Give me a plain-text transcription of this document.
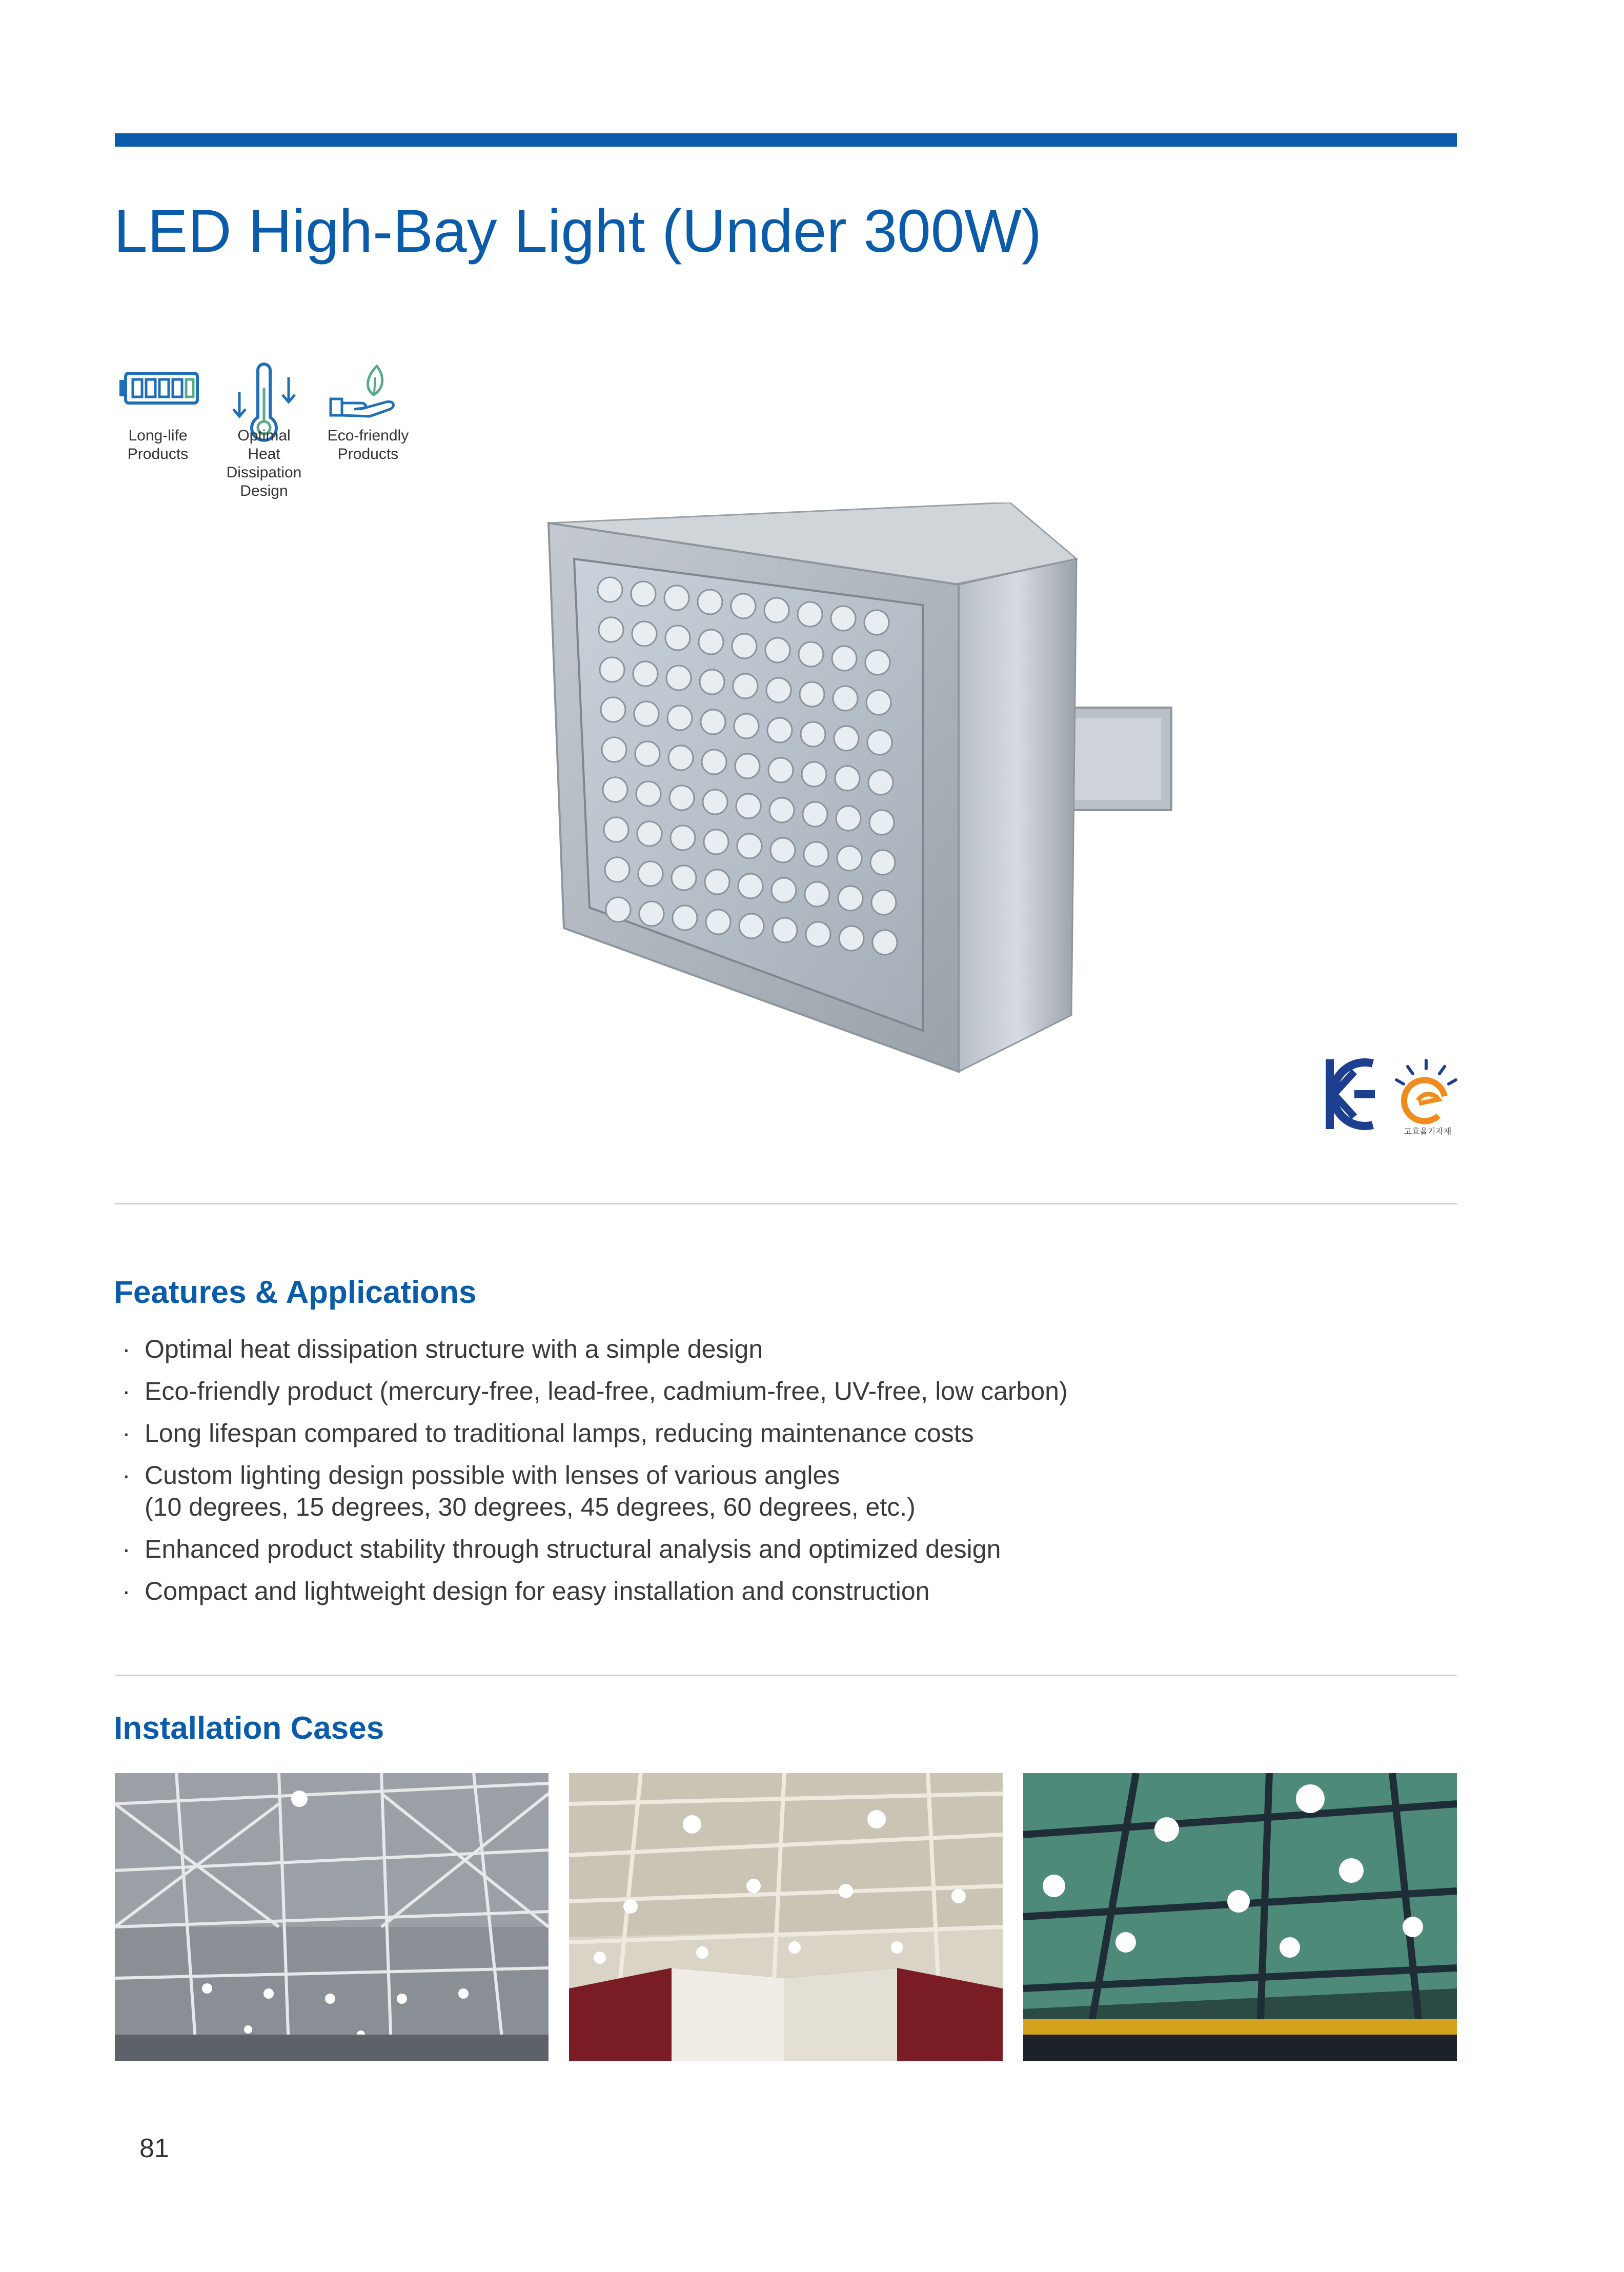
LED High-Bay Light (Under 300W)
Long-life
Products
Optimal
Heat
Dissipation
Design
Eco-friendly
Products
고효율기자재
Features & Applications
· Optimal heat dissipation structure with a simple design
· Eco-friendly product (mercury-free, lead-free, cadmium-free, UV-free, low carbon)
· Long lifespan compared to traditional lamps, reducing maintenance costs
· Custom lighting design possible with lenses of various angles
(10 degrees, 15 degrees, 30 degrees, 45 degrees, 60 degrees, etc.)
· Enhanced product stability through structural analysis and optimized design
· Compact and lightweight design for easy installation and construction
Installation Cases
81
